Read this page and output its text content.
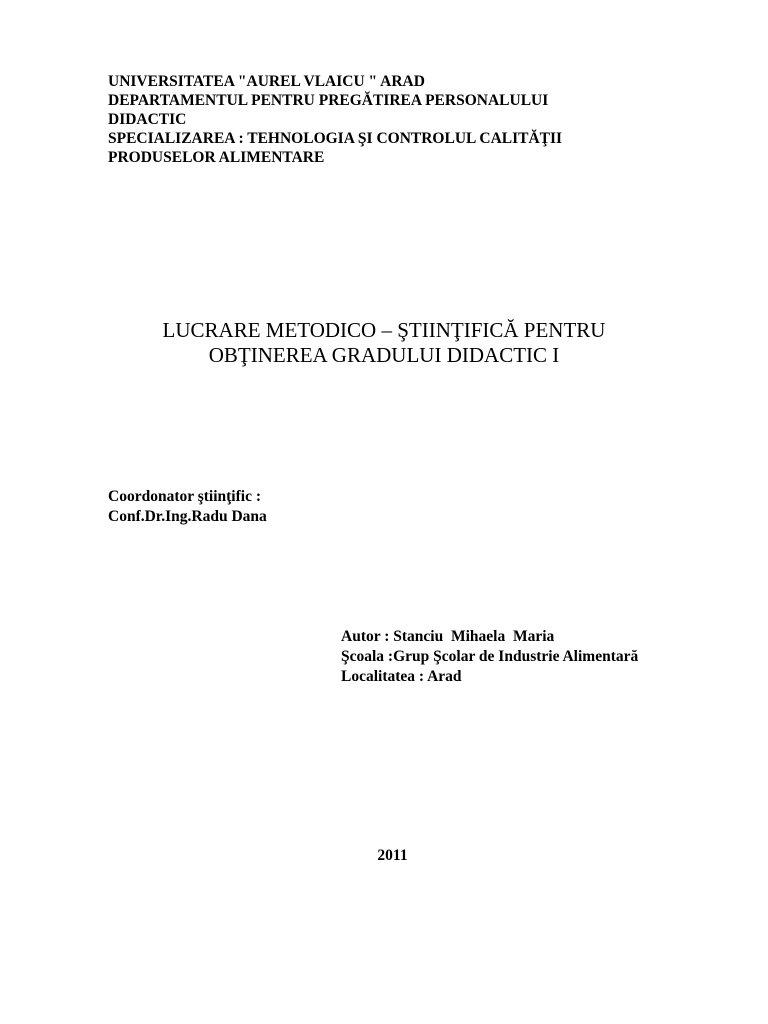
UNIVERSITATEA "AUREL VLAICU " ARAD
DEPARTAMENTUL PENTRU PREGĂTIREA PERSONALULUI
DIDACTIC
SPECIALIZAREA : TEHNOLOGIA ŞI CONTROLUL CALITĂŢII
PRODUSELOR ALIMENTARE
LUCRARE METODICO – ŞTIINŢIFICĂ PENTRU
OBŢINEREA GRADULUI DIDACTIC I
Coordonator ştiinţific :
Conf.Dr.Ing.Radu Dana
Autor : Stanciu  Mihaela  Maria
Şcoala :Grup Şcolar de Industrie Alimentară
Localitatea : Arad
2011
